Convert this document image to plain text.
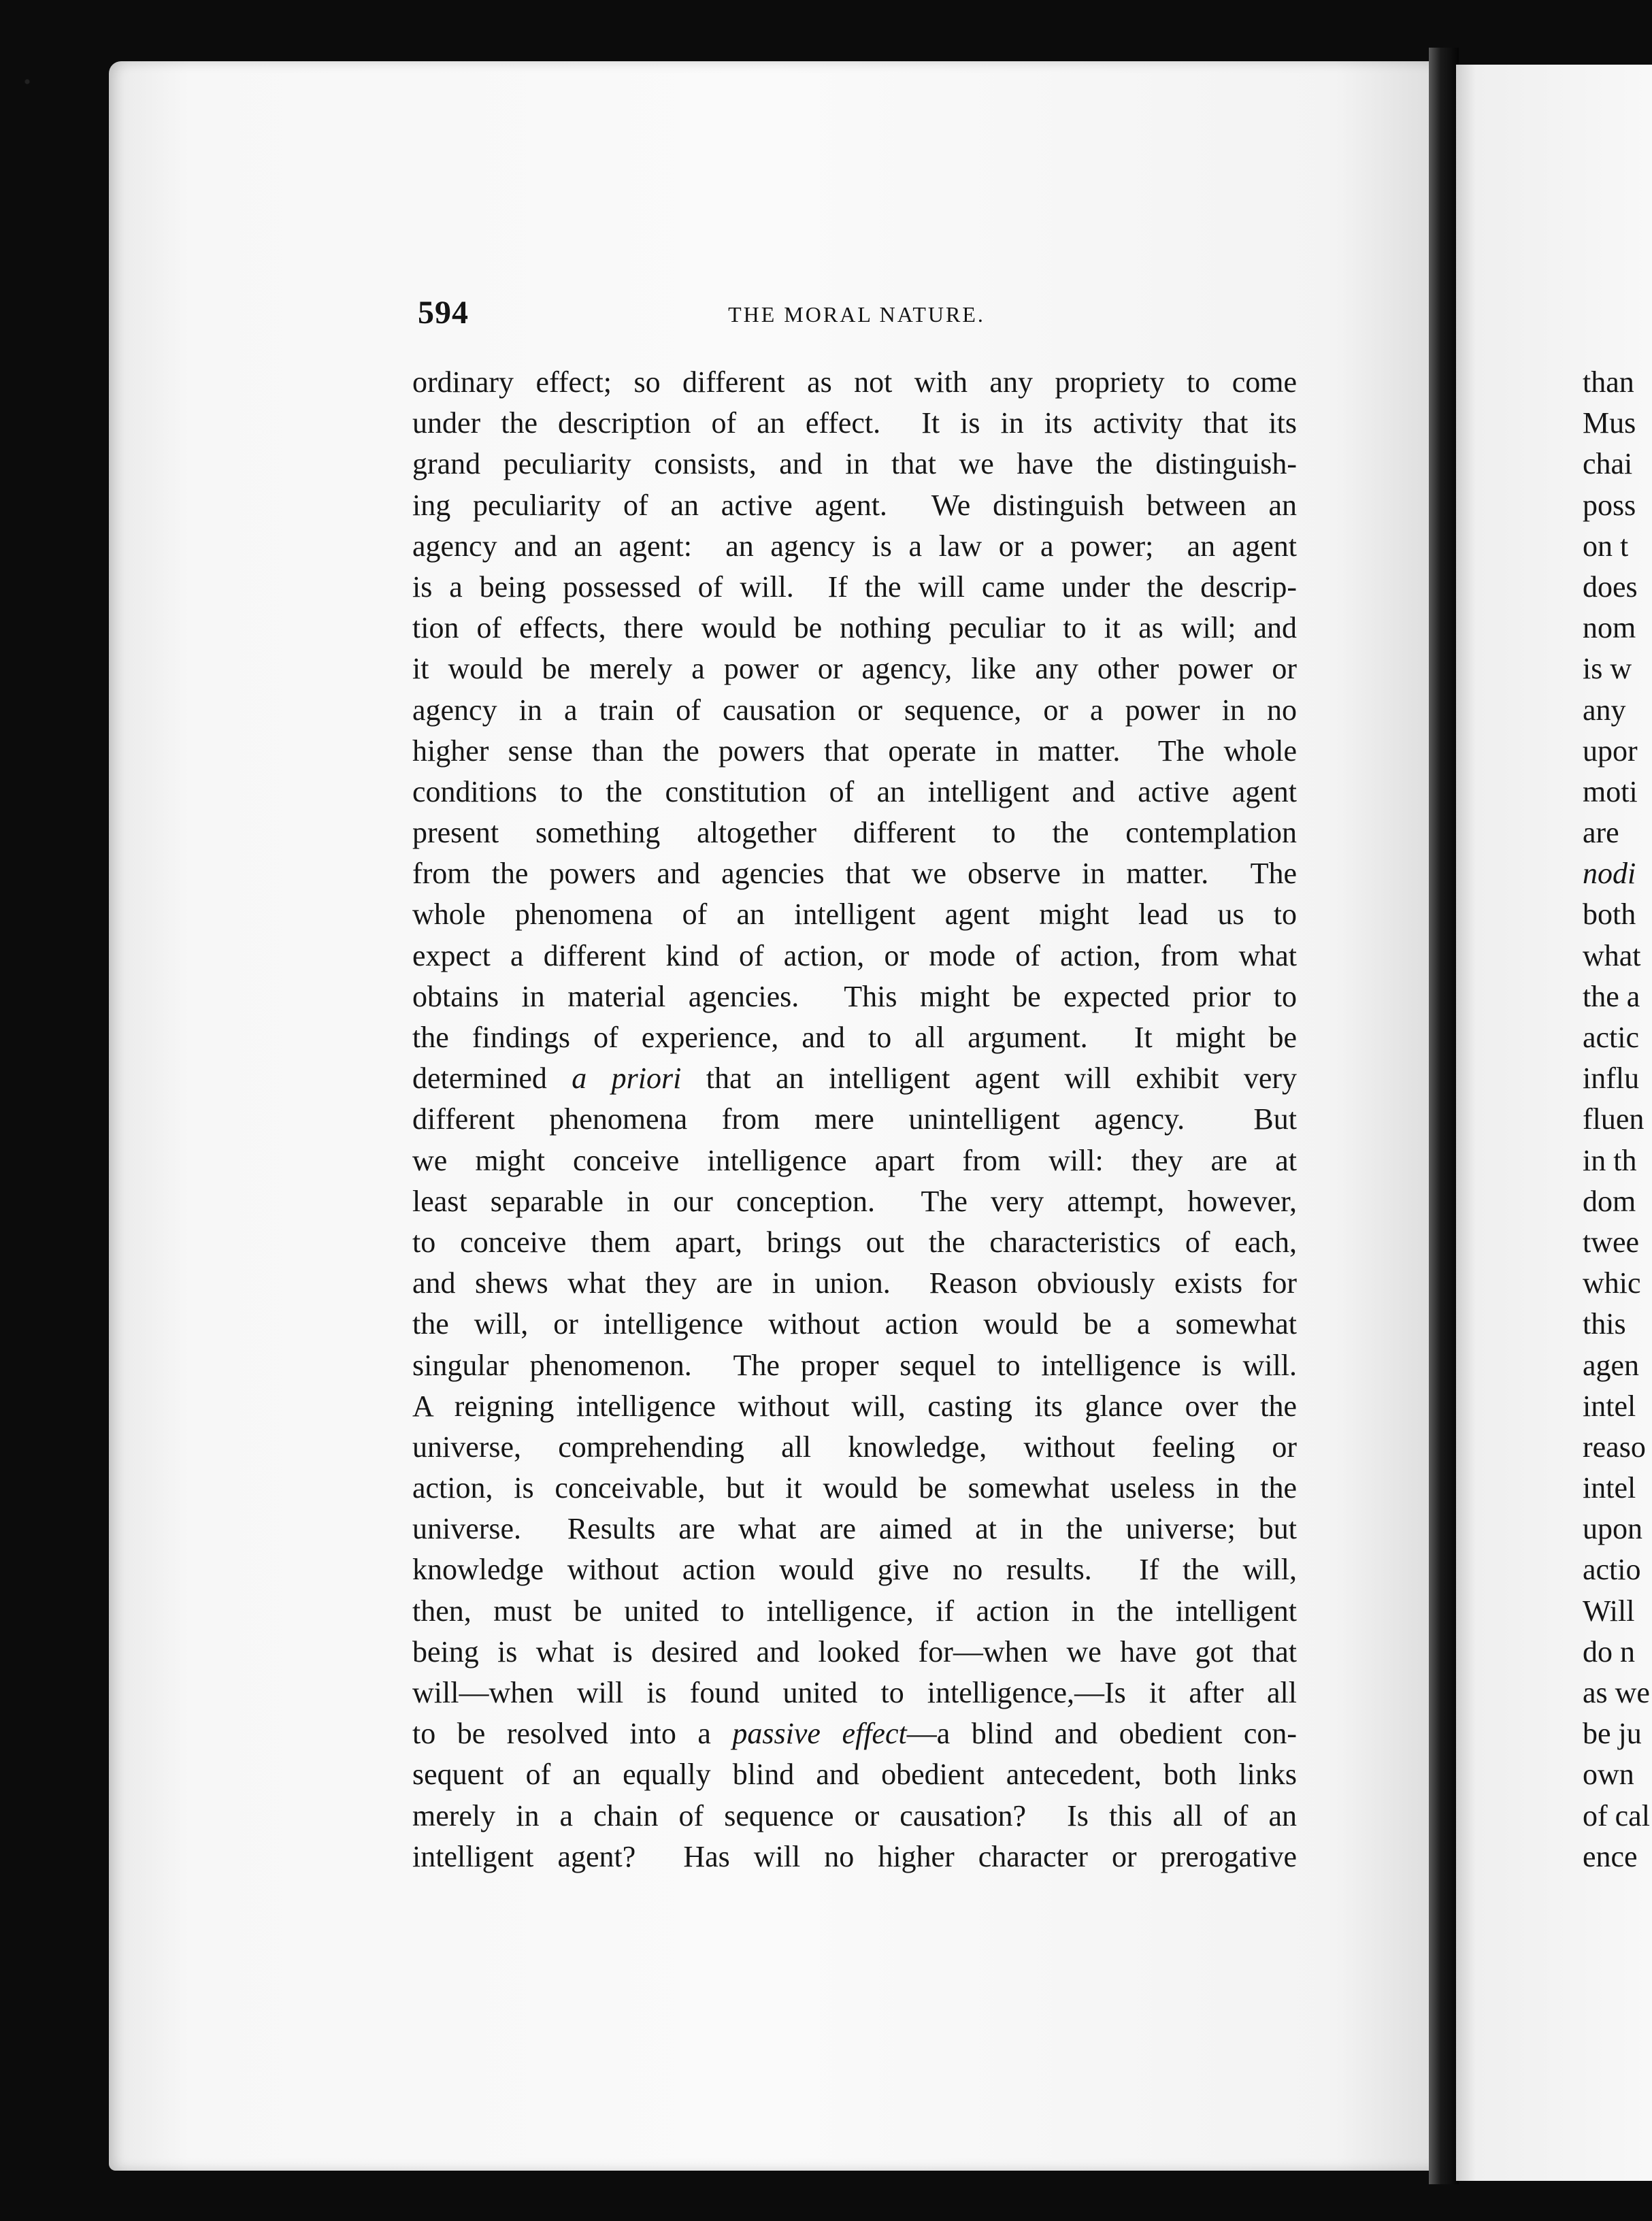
594	THE MORAL NATURE.
ordinary effect; so different as not with any propriety to come
under the description of an effect.  It is in its activity that its
grand peculiarity consists, and in that we have the distinguish-
ing peculiarity of an active agent.  We distinguish between an
agency and an agent:  an agency is a law or a power;  an agent
is a being possessed of will.  If the will came under the descrip-
tion of effects, there would be nothing peculiar to it as will; and
it would be merely a power or agency, like any other power or
agency in a train of causation or sequence, or a power in no
higher sense than the powers that operate in matter.  The whole
conditions to the constitution of an intelligent and active agent
present something altogether different to the contemplation
from the powers and agencies that we observe in matter.  The
whole phenomena of an intelligent agent might lead us to
expect a different kind of action, or mode of action, from what
obtains in material agencies.  This might be expected prior to
the findings of experience, and to all argument.  It might be
determined a priori that an intelligent agent will exhibit very
different phenomena from mere unintelligent agency.  But
we might conceive intelligence apart from will: they are at
least separable in our conception.  The very attempt, however,
to conceive them apart, brings out the characteristics of each,
and shews what they are in union.  Reason obviously exists for
the will, or intelligence without action would be a somewhat
singular phenomenon.  The proper sequel to intelligence is will.
A reigning intelligence without will, casting its glance over the
universe, comprehending all knowledge, without feeling or
action, is conceivable, but it would be somewhat useless in the
universe.  Results are what are aimed at in the universe; but
knowledge without action would give no results.  If the will,
then, must be united to intelligence, if action in the intelligent
being is what is desired and looked for—when we have got that
will—when will is found united to intelligence,—Is it after all
to be resolved into a passive effect—a blind and obedient con-
sequent of an equally blind and obedient antecedent, both links
merely in a chain of sequence or causation?  Is this all of an
intelligent agent?  Has will no higher character or prerogative
than
Mus
chai
poss
on t
does
nom
is w
any
upor
moti
are
nodi
both
what
the a
actic
influ
fluen
in th
dom
twee
whic
this
agen
intel
reaso
intel
upon
actio
Will
do n
as we
be ju
own
of cal
ence
